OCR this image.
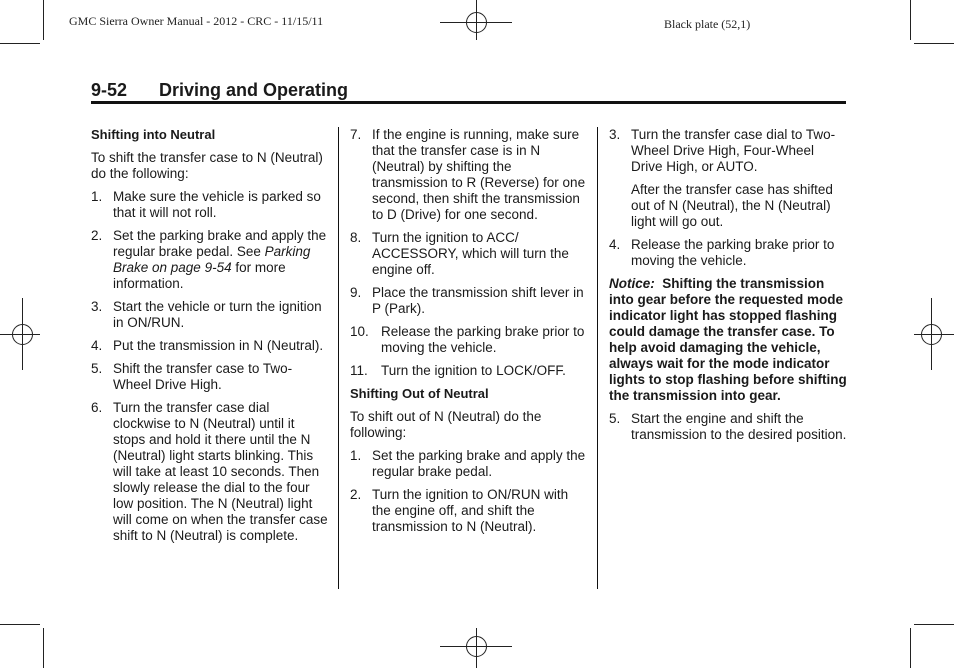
GMC Sierra Owner Manual - 2012 - CRC - 11/15/11	Black plate (52,1)
9-52 Driving and Operating
Shifting into Neutral
To shift the transfer case to N (Neutral) do the following:
1. Make sure the vehicle is parked so that it will not roll.
2. Set the parking brake and apply the regular brake pedal. See Parking Brake on page 9-54 for more information.
3. Start the vehicle or turn the ignition in ON/RUN.
4. Put the transmission in N (Neutral).
5. Shift the transfer case to Two-Wheel Drive High.
6. Turn the transfer case dial clockwise to N (Neutral) until it stops and hold it there until the N (Neutral) light starts blinking. This will take at least 10 seconds. Then slowly release the dial to the four low position. The N (Neutral) light will come on when the transfer case shift to N (Neutral) is complete.
7. If the engine is running, make sure that the transfer case is in N (Neutral) by shifting the transmission to R (Reverse) for one second, then shift the transmission to D (Drive) for one second.
8. Turn the ignition to ACC/ ACCESSORY, which will turn the engine off.
9. Place the transmission shift lever in P (Park).
10. Release the parking brake prior to moving the vehicle.
11. Turn the ignition to LOCK/OFF.
Shifting Out of Neutral
To shift out of N (Neutral) do the following:
1. Set the parking brake and apply the regular brake pedal.
2. Turn the ignition to ON/RUN with the engine off, and shift the transmission to N (Neutral).
3. Turn the transfer case dial to Two-Wheel Drive High, Four-Wheel Drive High, or AUTO.
After the transfer case has shifted out of N (Neutral), the N (Neutral) light will go out.
4. Release the parking brake prior to moving the vehicle.
Notice: Shifting the transmission into gear before the requested mode indicator light has stopped flashing could damage the transfer case. To help avoid damaging the vehicle, always wait for the mode indicator lights to stop flashing before shifting the transmission into gear.
5. Start the engine and shift the transmission to the desired position.
